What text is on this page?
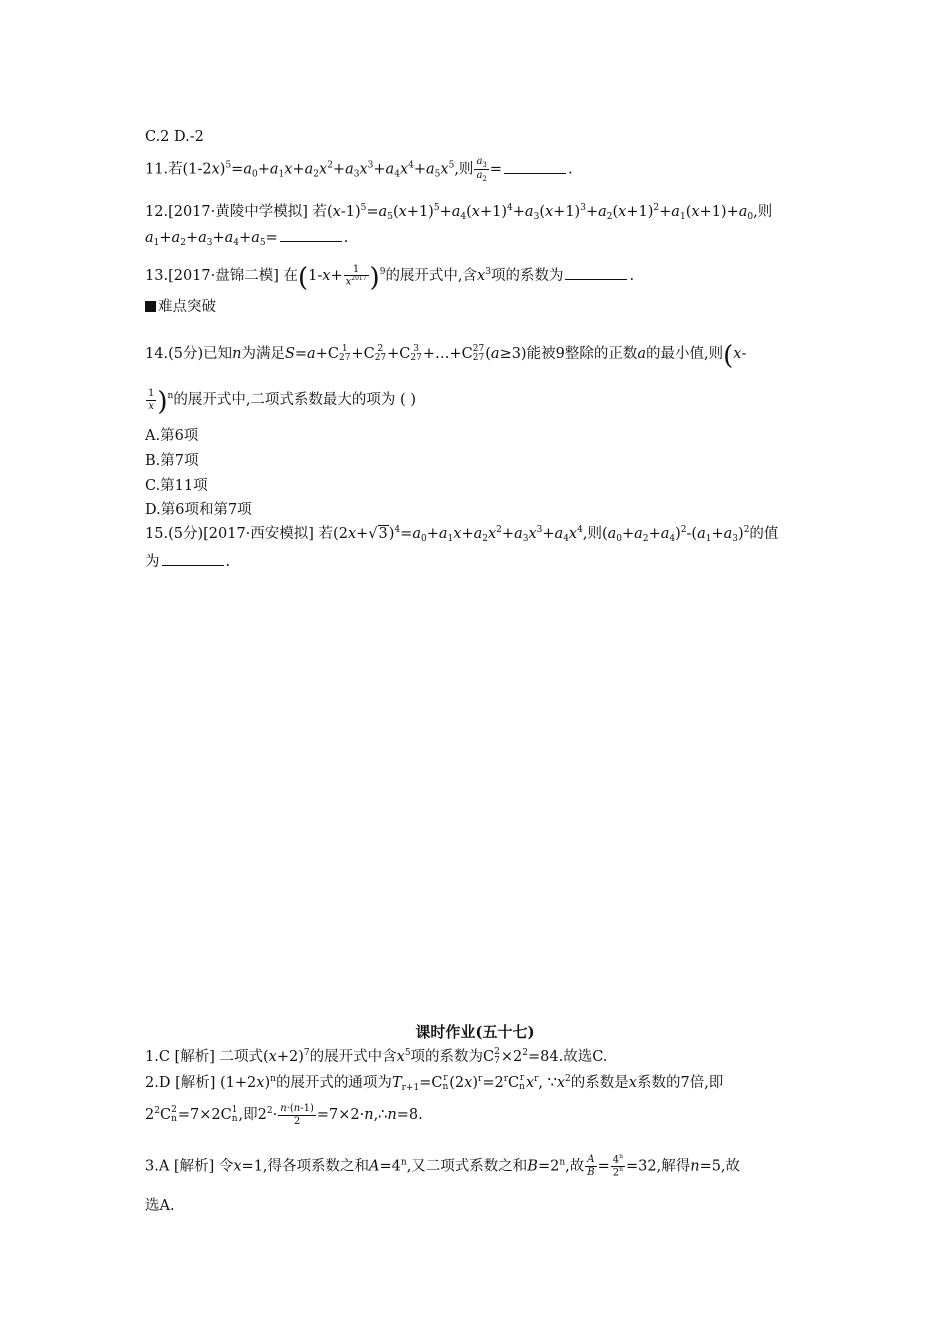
C.2 D.-2
11.若$(1-2x)^5=a_0+a_1x+a_2x^2+a_3x^3+a_4x^4+a_5x^5$,则 $\frac{a_3}{a_2}$ =	.
12.[2017·黄陵中学模拟] 若$(x-1)^5=a_5(x+1)^5+a_4(x+1)^4+a_3(x+1)^3+a_2(x+1)^2+a_1(x+1)+a_0$,则
$a_1+a_2+a_3+a_4+a_5=$	.
13.[2017·盘锦二模] 在$(1-x+ \frac{1}{x^{2017}} )^9$的展开式中,含$x^3$项的系数为	.
难点突破
14.(5分)已知n为满足S=a+C 1
27 +C 2
27 +C 3
27 +…+C 27
27 (a≥3)能被9整除的正数a的最小值,则(x-
$\frac{1}{x} )^n$的展开式中,二项式系数最大的项为 ( )
A.第6项
B.第7项
C.第11项
D.第6项和第7项
15.(5分)[2017·西安模拟] 若$(2x+√3)^4=a_0+a_1x+a_2x^2+a_3x^3+a_4x^4$,则$(a_0+a_2+a_4)^2-(a_1+a_3)^2$的值
为	.
课时作业(五十七)
1.C [解析] 二项式$(x+2)^7$的展开式中含$x^5$项的系数为C 2
$7 \times 2^2=84$.故选C.
2.D [解析] $(1+2x)^n$的展开式的通项为$T_{r+1}=C$ r
n $(2x)^r=2^rC$ r
n $x^r$, $\because x^2$的系数是x系数的7倍,即
$2^2C$ 2
n =7×2C 1
n ,即$2^2\cdot \frac{n\cdot(n-1)}{2}$ =7×2·n,∴n=8.
3.A [解析] 令x=1,得各项系数之和$A=4^n$,又二项式系数之和$B=2^n$,故 $\frac{A}{B} = \frac{4^n}{2^n} =32$,解得n=5,故
选A.
